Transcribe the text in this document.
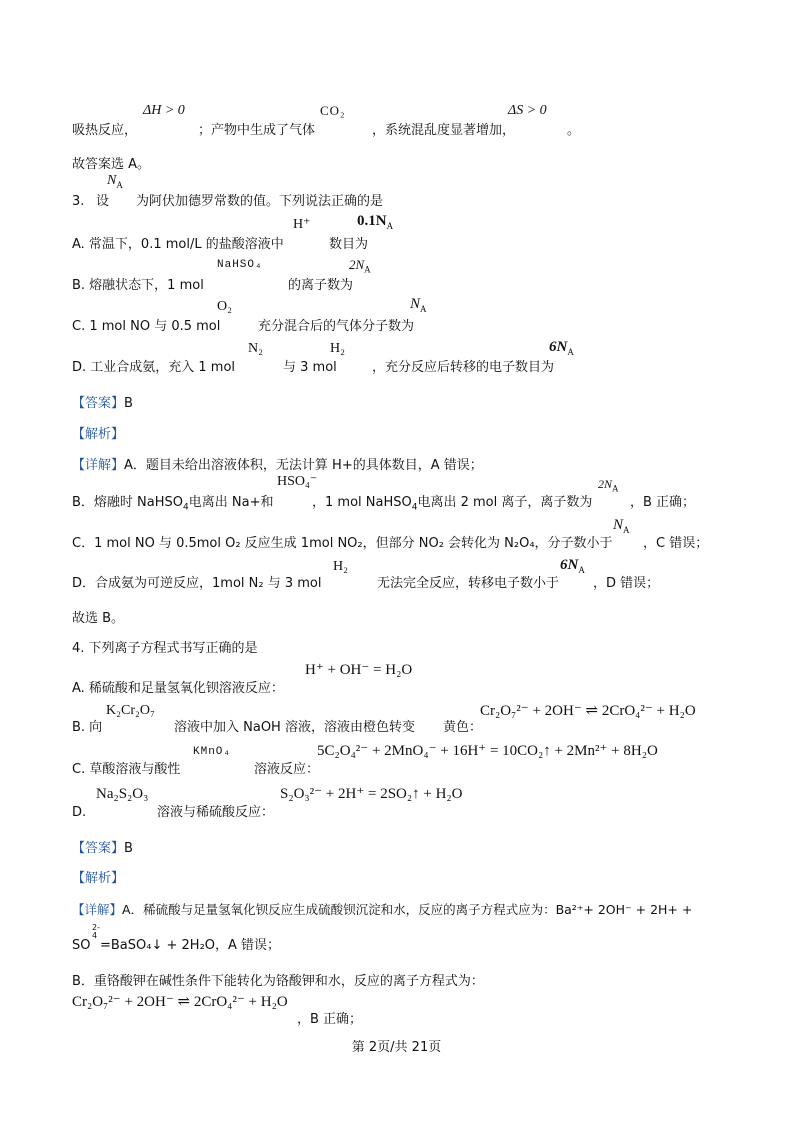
ΔH > 0	CO₂	ΔS > 0
吸热反应，	；产物中生成了气体	，系统混乱度显著增加，	。
故答案选 A。
$N_A$
3. 设 为阿伏加德罗常数的值。下列说法正确的是
H⁺	$0.1N_A$
A. 常温下，0.1 mol/L 的盐酸溶液中	数目为
NaHSO₄	$2N_A$
B. 熔融状态下，1 mol	的离子数为
O₂	$N_A$
C. 1 mol NO 与 0.5 mol	充分混合后的气体分子数为
N₂	H₂	$6N_A$
D. 工业合成氨，充入 1 mol	与 3 mol	，充分反应后转移的电子数目为
【答案】B
【解析】
【详解】A．题目未给出溶液体积，无法计算 H+的具体数目，A 错误；
HSO₄⁻	$2N_A$
B．熔融时 NaHSO$_4$电离出 Na+和	，1 mol NaHSO$_4$电离出 2 mol 离子，离子数为	，B 正确；
$N_A$
C．1 mol NO 与 0.5mol O₂ 反应生成 1mol NO₂，但部分 NO₂ 会转化为 N₂O₄，分子数小于 ，C 错误；
H₂	$6N_A$
D．合成氨为可逆反应，1mol N₂ 与 3 mol	无法完全反应，转移电子数小于	，D 错误；
故选 B。
4. 下列离子方程式书写正确的是
H⁺ + OH⁻ = H₂O
A. 稀硫酸和足量氢氧化钡溶液反应：
K₂Cr₂O₇	Cr₂O₇²⁻ + 2OH⁻ ⇌ 2CrO₄²⁻ + H₂O
B. 向	溶液中加入 NaOH 溶液，溶液由橙色转变 黄色：
KMnO₄	5C₂O₄²⁻ + 2MnO₄⁻ + 16H⁺ = 10CO₂↑ + 2Mn²⁺ + 8H₂O
C. 草酸溶液与酸性	溶液反应：
Na₂S₂O₃	S₂O₃²⁻ + 2H⁺ = 2SO₂↑ + H₂O
D.	溶液与稀硫酸反应：
【答案】B
【解析】
【详解】A．稀硫酸与足量氢氧化钡反应生成硫酸钡沉淀和水，反应的离子方程式应为：Ba²⁺+ 2OH⁻ + 2H+ +
2-
4
SO =BaSO₄↓ + 2H₂O，A 错误；
B．重铬酸钾在碱性条件下能转化为铬酸钾和水，反应的离子方程式为：
Cr₂O₇²⁻ + 2OH⁻ ⇌ 2CrO₄²⁻ + H₂O
，B 正确；
第 2页/共 21页
